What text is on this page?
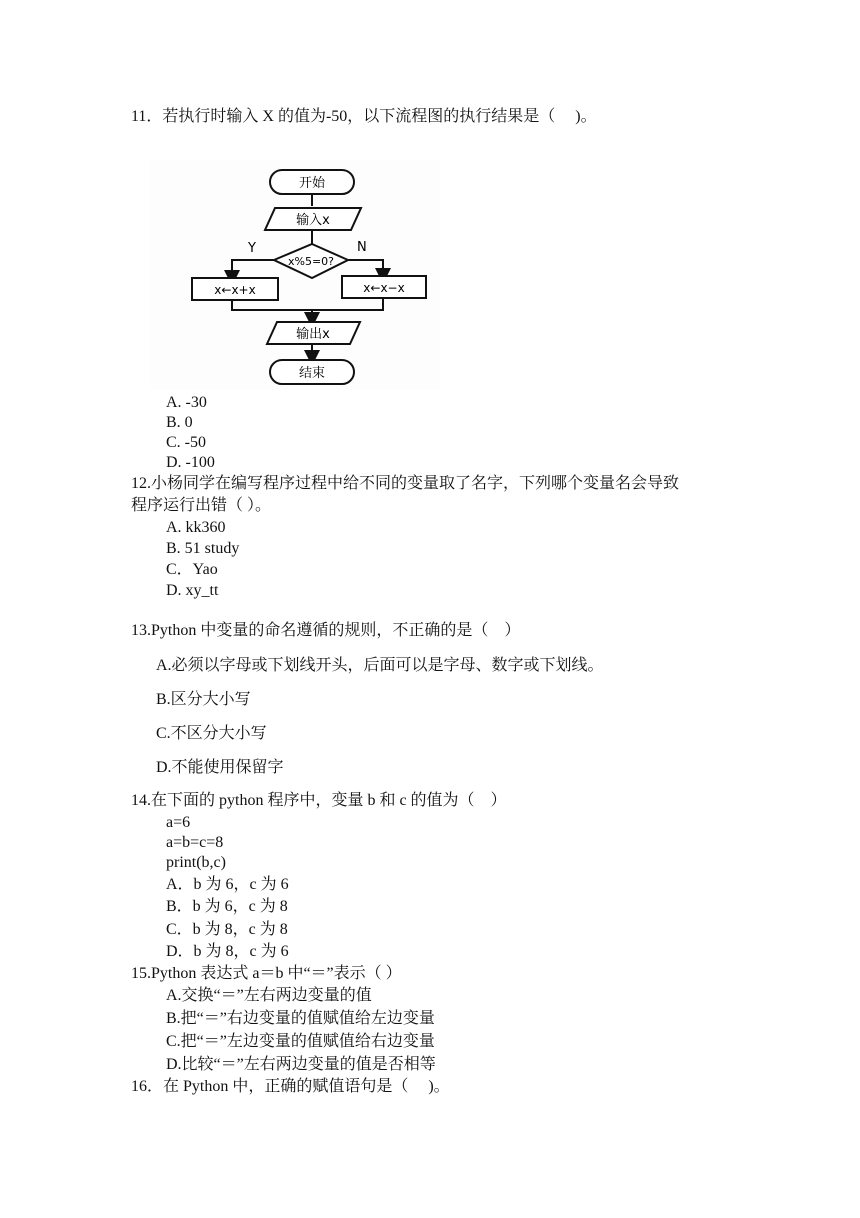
11．若执行时输入 X 的值为-50，以下流程图的执行结果是（　 )。
开始
输入x
x%5=0?
Y	N
x←x+x	x←x−x
输出x
结束
A. -30
B. 0
C. -50
D. -100
12.小杨同学在编写程序过程中给不同的变量取了名字，下列哪个变量名会导致
程序运行出错（ ）。
A. kk360
B. 51 study
C．Yao
D. xy_tt
13.Python 中变量的命名遵循的规则，不正确的是（　）
A.必须以字母或下划线开头，后面可以是字母、数字或下划线。
B.区分大小写
C.不区分大小写
D.不能使用保留字
14.在下面的 python 程序中，变量 b 和 c 的值为（　）
a=6
a=b=c=8
print(b,c)
A．b 为 6，c 为 6
B．b 为 6，c 为 8
C．b 为 8，c 为 8
D．b 为 8，c 为 6
15.Python 表达式 a＝b 中“＝”表示（ ）
A.交换“＝”左右两边变量的值
B.把“＝”右边变量的值赋值给左边变量
C.把“＝”左边变量的值赋值给右边变量
D.比较“＝”左右两边变量的值是否相等
16．在 Python 中，正确的赋值语句是（　 )。
